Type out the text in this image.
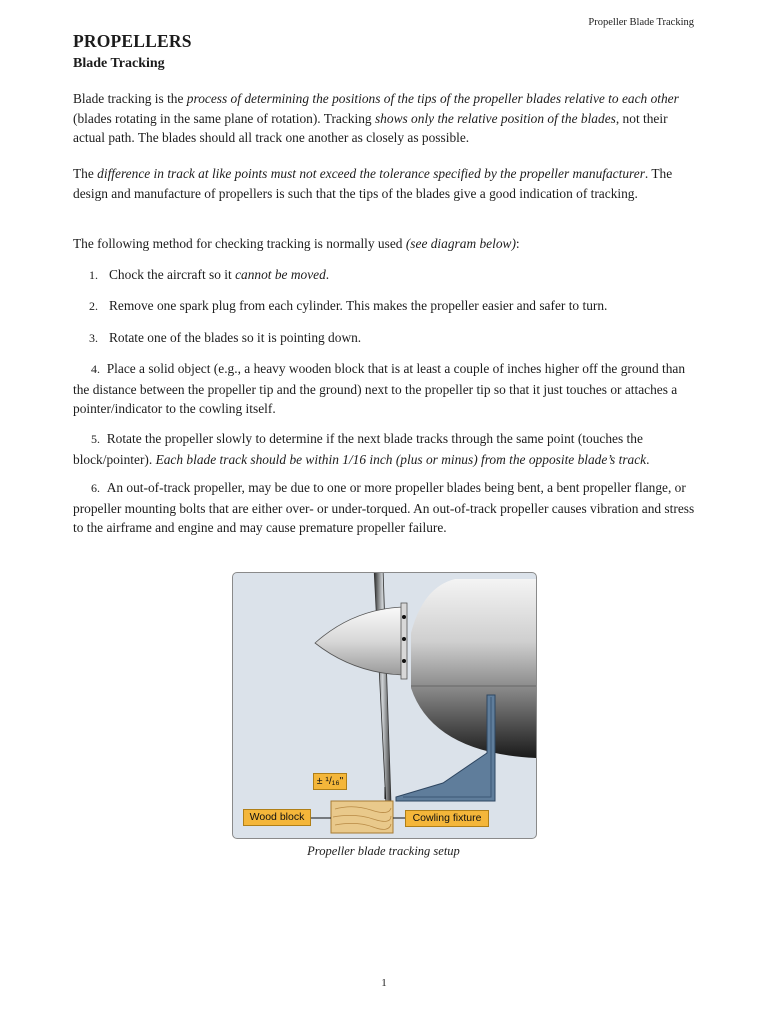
Propeller Blade Tracking
PROPELLERS
Blade Tracking
Blade tracking is the process of determining the positions of the tips of the propeller blades relative to each other (blades rotating in the same plane of rotation). Tracking shows only the relative position of the blades, not their actual path. The blades should all track one another as closely as possible.
The difference in track at like points must not exceed the tolerance specified by the propeller manufacturer. The design and manufacture of propellers is such that the tips of the blades give a good indication of tracking.
The following method for checking tracking is normally used (see diagram below):
1. Chock the aircraft so it cannot be moved.
2. Remove one spark plug from each cylinder. This makes the propeller easier and safer to turn.
3. Rotate one of the blades so it is pointing down.
4. Place a solid object (e.g., a heavy wooden block that is at least a couple of inches higher off the ground than the distance between the propeller tip and the ground) next to the propeller tip so that it just touches or attaches a pointer/indicator to the cowling itself.
5. Rotate the propeller slowly to determine if the next blade tracks through the same point (touches the block/pointer). Each blade track should be within 1/16 inch (plus or minus) from the opposite blade’s track.
6. An out-of-track propeller, may be due to one or more propeller blades being bent, a bent propeller flange, or propeller mounting bolts that are either over- or under-torqued. An out-of-track propeller causes vibration and stress to the airframe and engine and may cause premature propeller failure.
± ¹/₁₆"
Wood block	Cowling fixture
Propeller blade tracking setup
1
